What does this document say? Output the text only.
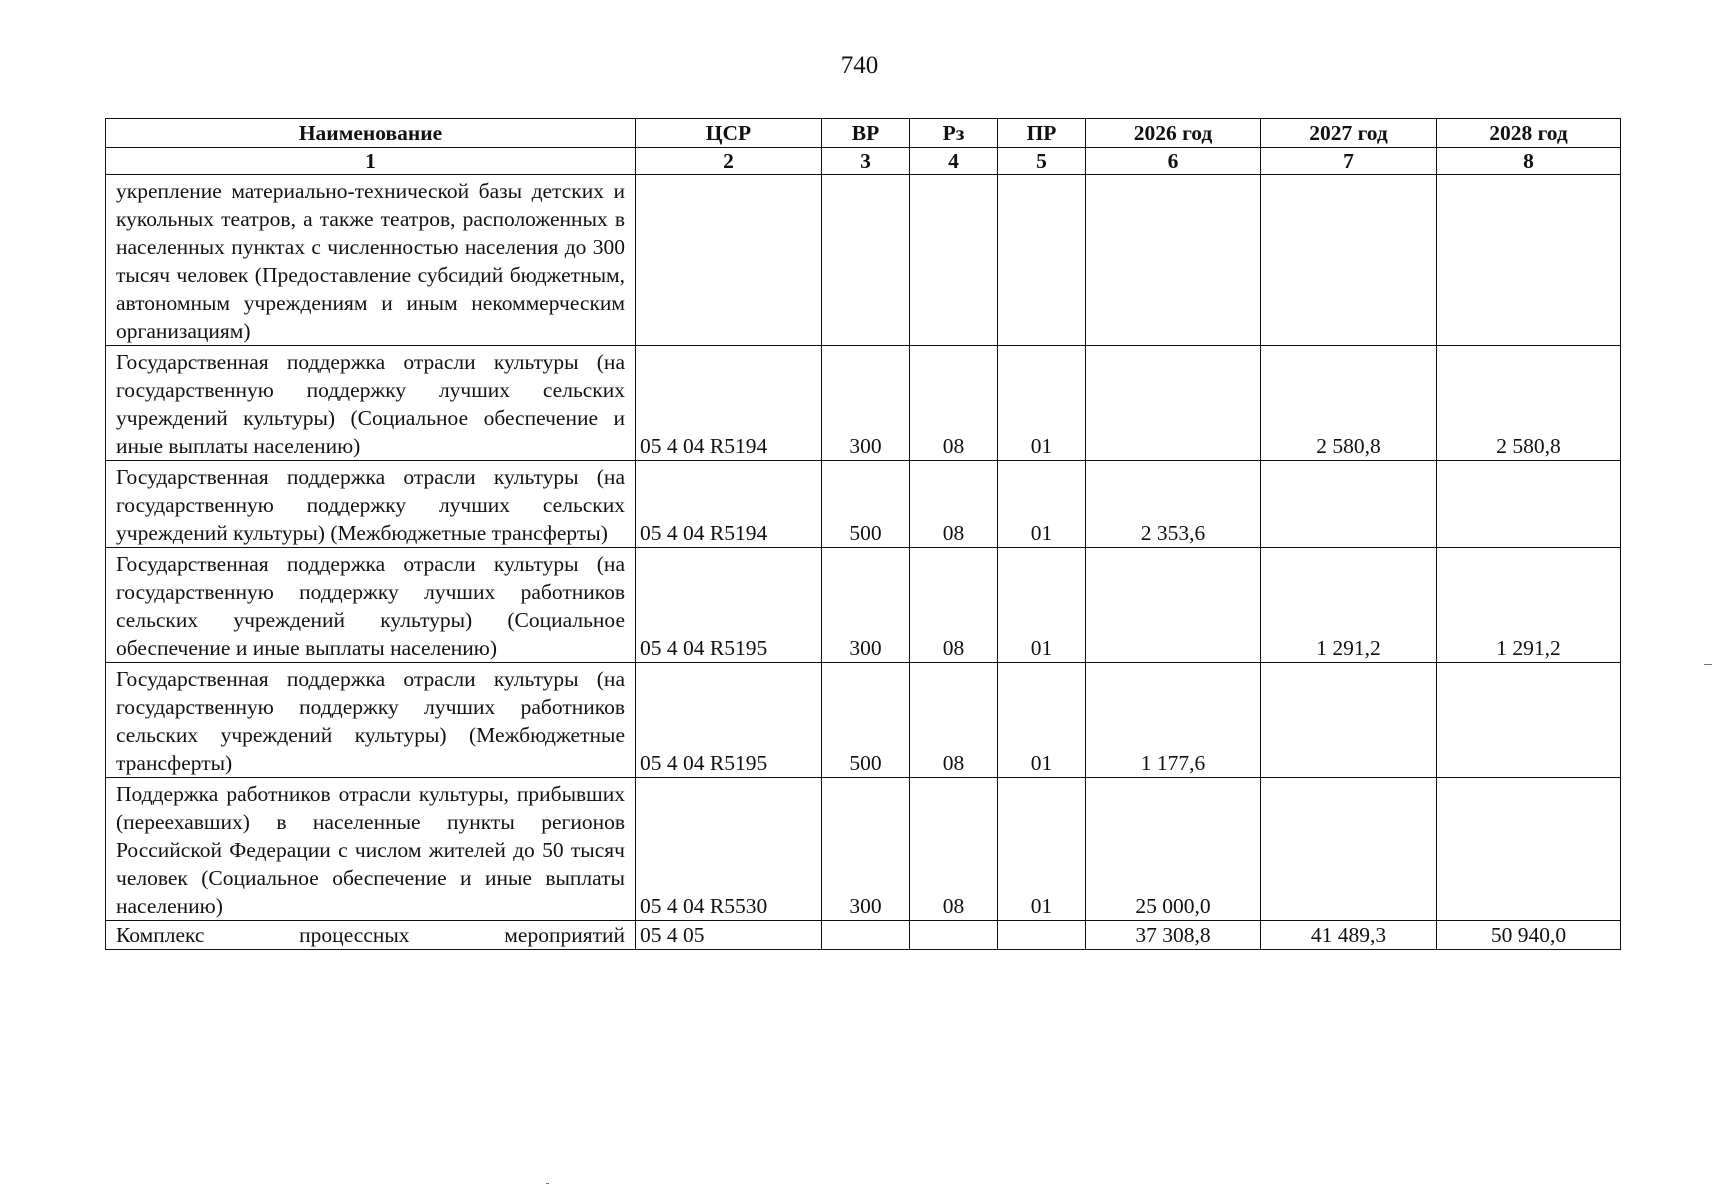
740
Наименование	ЦСР	ВР	Рз	ПР	2026 год	2027 год	2028 год
1	2	3	4	5	6	7	8
укрепление материально-технической базы детских и кукольных театров, а также театров, расположенных в населенных пунктах с численностью населения до 300 тысяч человек (Предоставление субсидий бюджетным, автономным учреждениям и иным некоммерческим организациям)							
Государственная поддержка отрасли культуры (на государственную поддержку лучших сельских учреждений культуры) (Социальное обеспечение и иные выплаты населению)	05 4 04 R5194	300	08	01		2 580,8	2 580,8
Государственная поддержка отрасли культуры (на государственную поддержку лучших сельских учреждений культуры) (Межбюджетные трансферты)	05 4 04 R5194	500	08	01	2 353,6		
Государственная поддержка отрасли культуры (на государственную поддержку лучших работников сельских учреждений культуры) (Социальное обеспечение и иные выплаты населению)	05 4 04 R5195	300	08	01		1 291,2	1 291,2
Государственная поддержка отрасли культуры (на государственную поддержку лучших работников сельских учреждений культуры) (Межбюджетные трансферты)	05 4 04 R5195	500	08	01	1 177,6		
Поддержка работников отрасли культуры, прибывших (переехавших) в населенные пункты регионов Российской Федерации с числом жителей до 50 тысяч человек (Социальное обеспечение и иные выплаты населению)	05 4 04 R5530	300	08	01	25 000,0		
Комплекс процессных мероприятий	05 4 05				37 308,8	41 489,3	50 940,0
